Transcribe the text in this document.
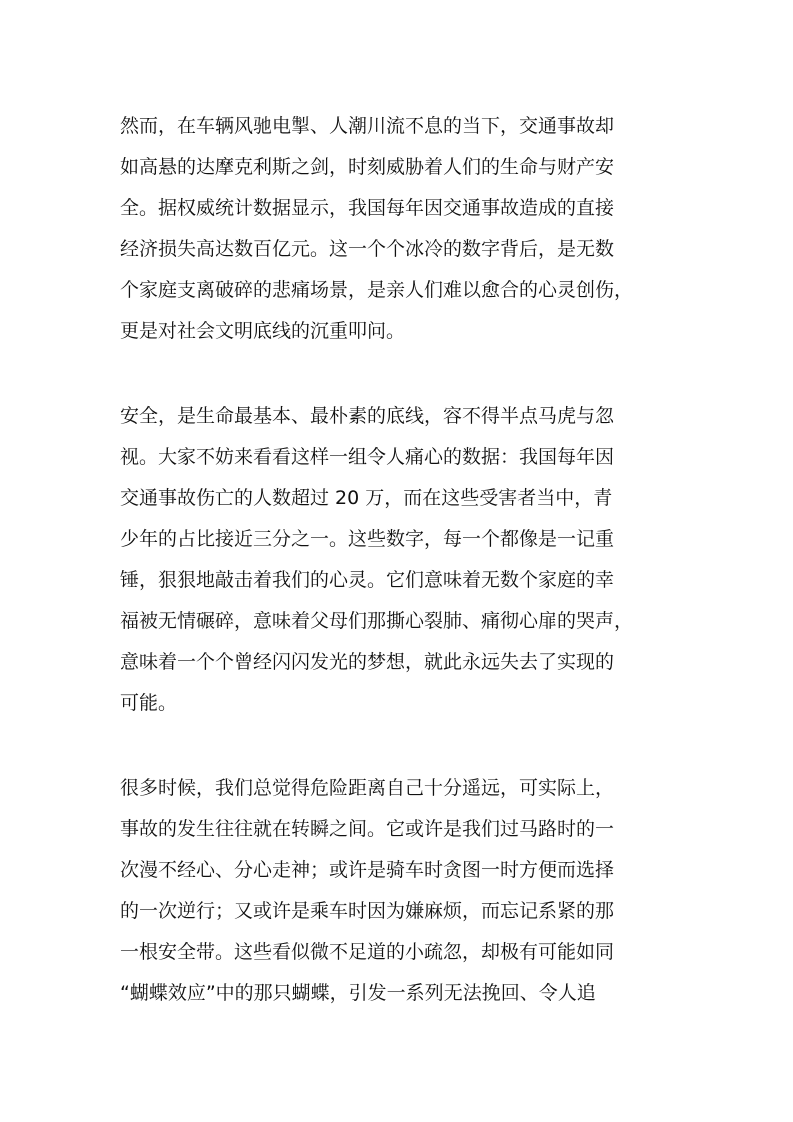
然而，在车辆风驰电掣、人潮川流不息的当下，交通事故却
如高悬的达摩克利斯之剑，时刻威胁着人们的生命与财产安
全。据权威统计数据显示，我国每年因交通事故造成的直接
经济损失高达数百亿元。这一个个冰冷的数字背后，是无数
个家庭支离破碎的悲痛场景，是亲人们难以愈合的心灵创伤，
更是对社会文明底线的沉重叩问。
安全，是生命最基本、最朴素的底线，容不得半点马虎与忽
视。大家不妨来看看这样一组令人痛心的数据：我国每年因
交通事故伤亡的人数超过 20 万，而在这些受害者当中，青
少年的占比接近三分之一。这些数字，每一个都像是一记重
锤，狠狠地敲击着我们的心灵。它们意味着无数个家庭的幸
福被无情碾碎，意味着父母们那撕心裂肺、痛彻心扉的哭声，
意味着一个个曾经闪闪发光的梦想，就此永远失去了实现的
可能。
很多时候，我们总觉得危险距离自己十分遥远，可实际上，
事故的发生往往就在转瞬之间。它或许是我们过马路时的一
次漫不经心、分心走神；或许是骑车时贪图一时方便而选择
的一次逆行；又或许是乘车时因为嫌麻烦，而忘记系紧的那
一根安全带。这些看似微不足道的小疏忽，却极有可能如同
“蝴蝶效应”中的那只蝴蝶，引发一系列无法挽回、令人追
